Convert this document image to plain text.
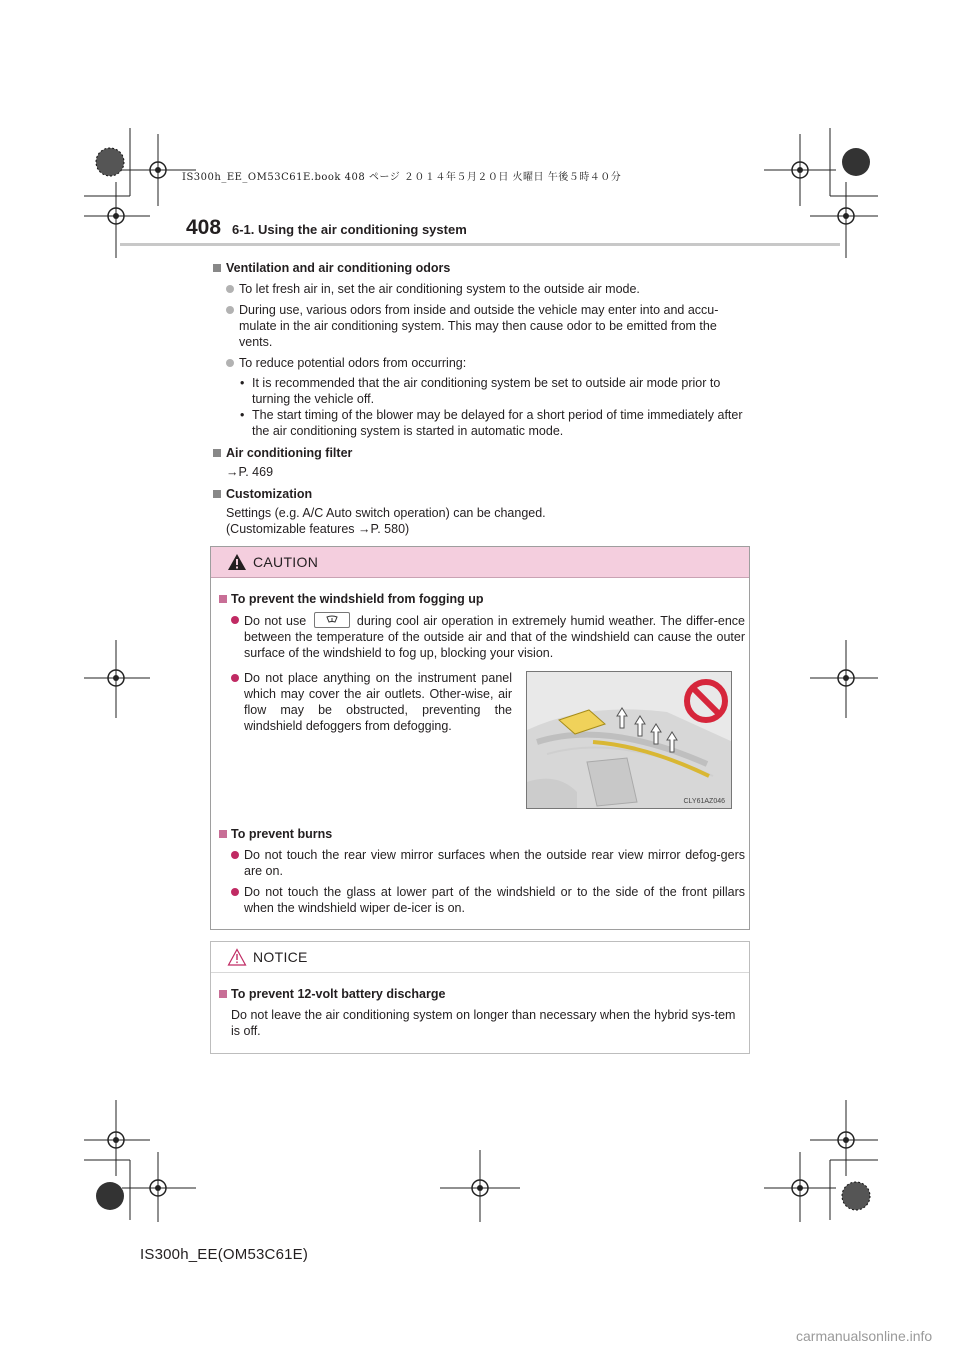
IS300h_EE_OM53C61E.book 408 ページ ２０１４年５月２０日 火曜日 午後５時４０分
408 6-1. Using the air conditioning system
Ventilation and air conditioning odors
To let fresh air in, set the air conditioning system to the outside air mode.
During use, various odors from inside and outside the vehicle may enter into and accu-mulate in the air conditioning system. This may then cause odor to be emitted from the vents.
To reduce potential odors from occurring:
• It is recommended that the air conditioning system be set to outside air mode prior to turning the vehicle off.
• The start timing of the blower may be delayed for a short period of time immediately after the air conditioning system is started in automatic mode.
Air conditioning filter
→P. 469
Customization
Settings (e.g. A/C Auto switch operation) can be changed.
(Customizable features →P. 580)
CAUTION
To prevent the windshield from fogging up
Do not use	during cool air operation in extremely humid weather. The differ-ence between the temperature of the outside air and that of the windshield can cause the outer surface of the windshield to fog up, blocking your vision.
Do not place anything on the instrument panel which may cover the air outlets. Other-wise, air flow may be obstructed, preventing the windshield defoggers from defogging.
To prevent burns
Do not touch the rear view mirror surfaces when the outside rear view mirror defog-gers are on.
Do not touch the glass at lower part of the windshield or to the side of the front pillars when the windshield wiper de-icer is on.
CLY61AZ046
NOTICE
To prevent 12-volt battery discharge
Do not leave the air conditioning system on longer than necessary when the hybrid sys-tem is off.
IS300h_EE(OM53C61E)
carmanualsonline.info
